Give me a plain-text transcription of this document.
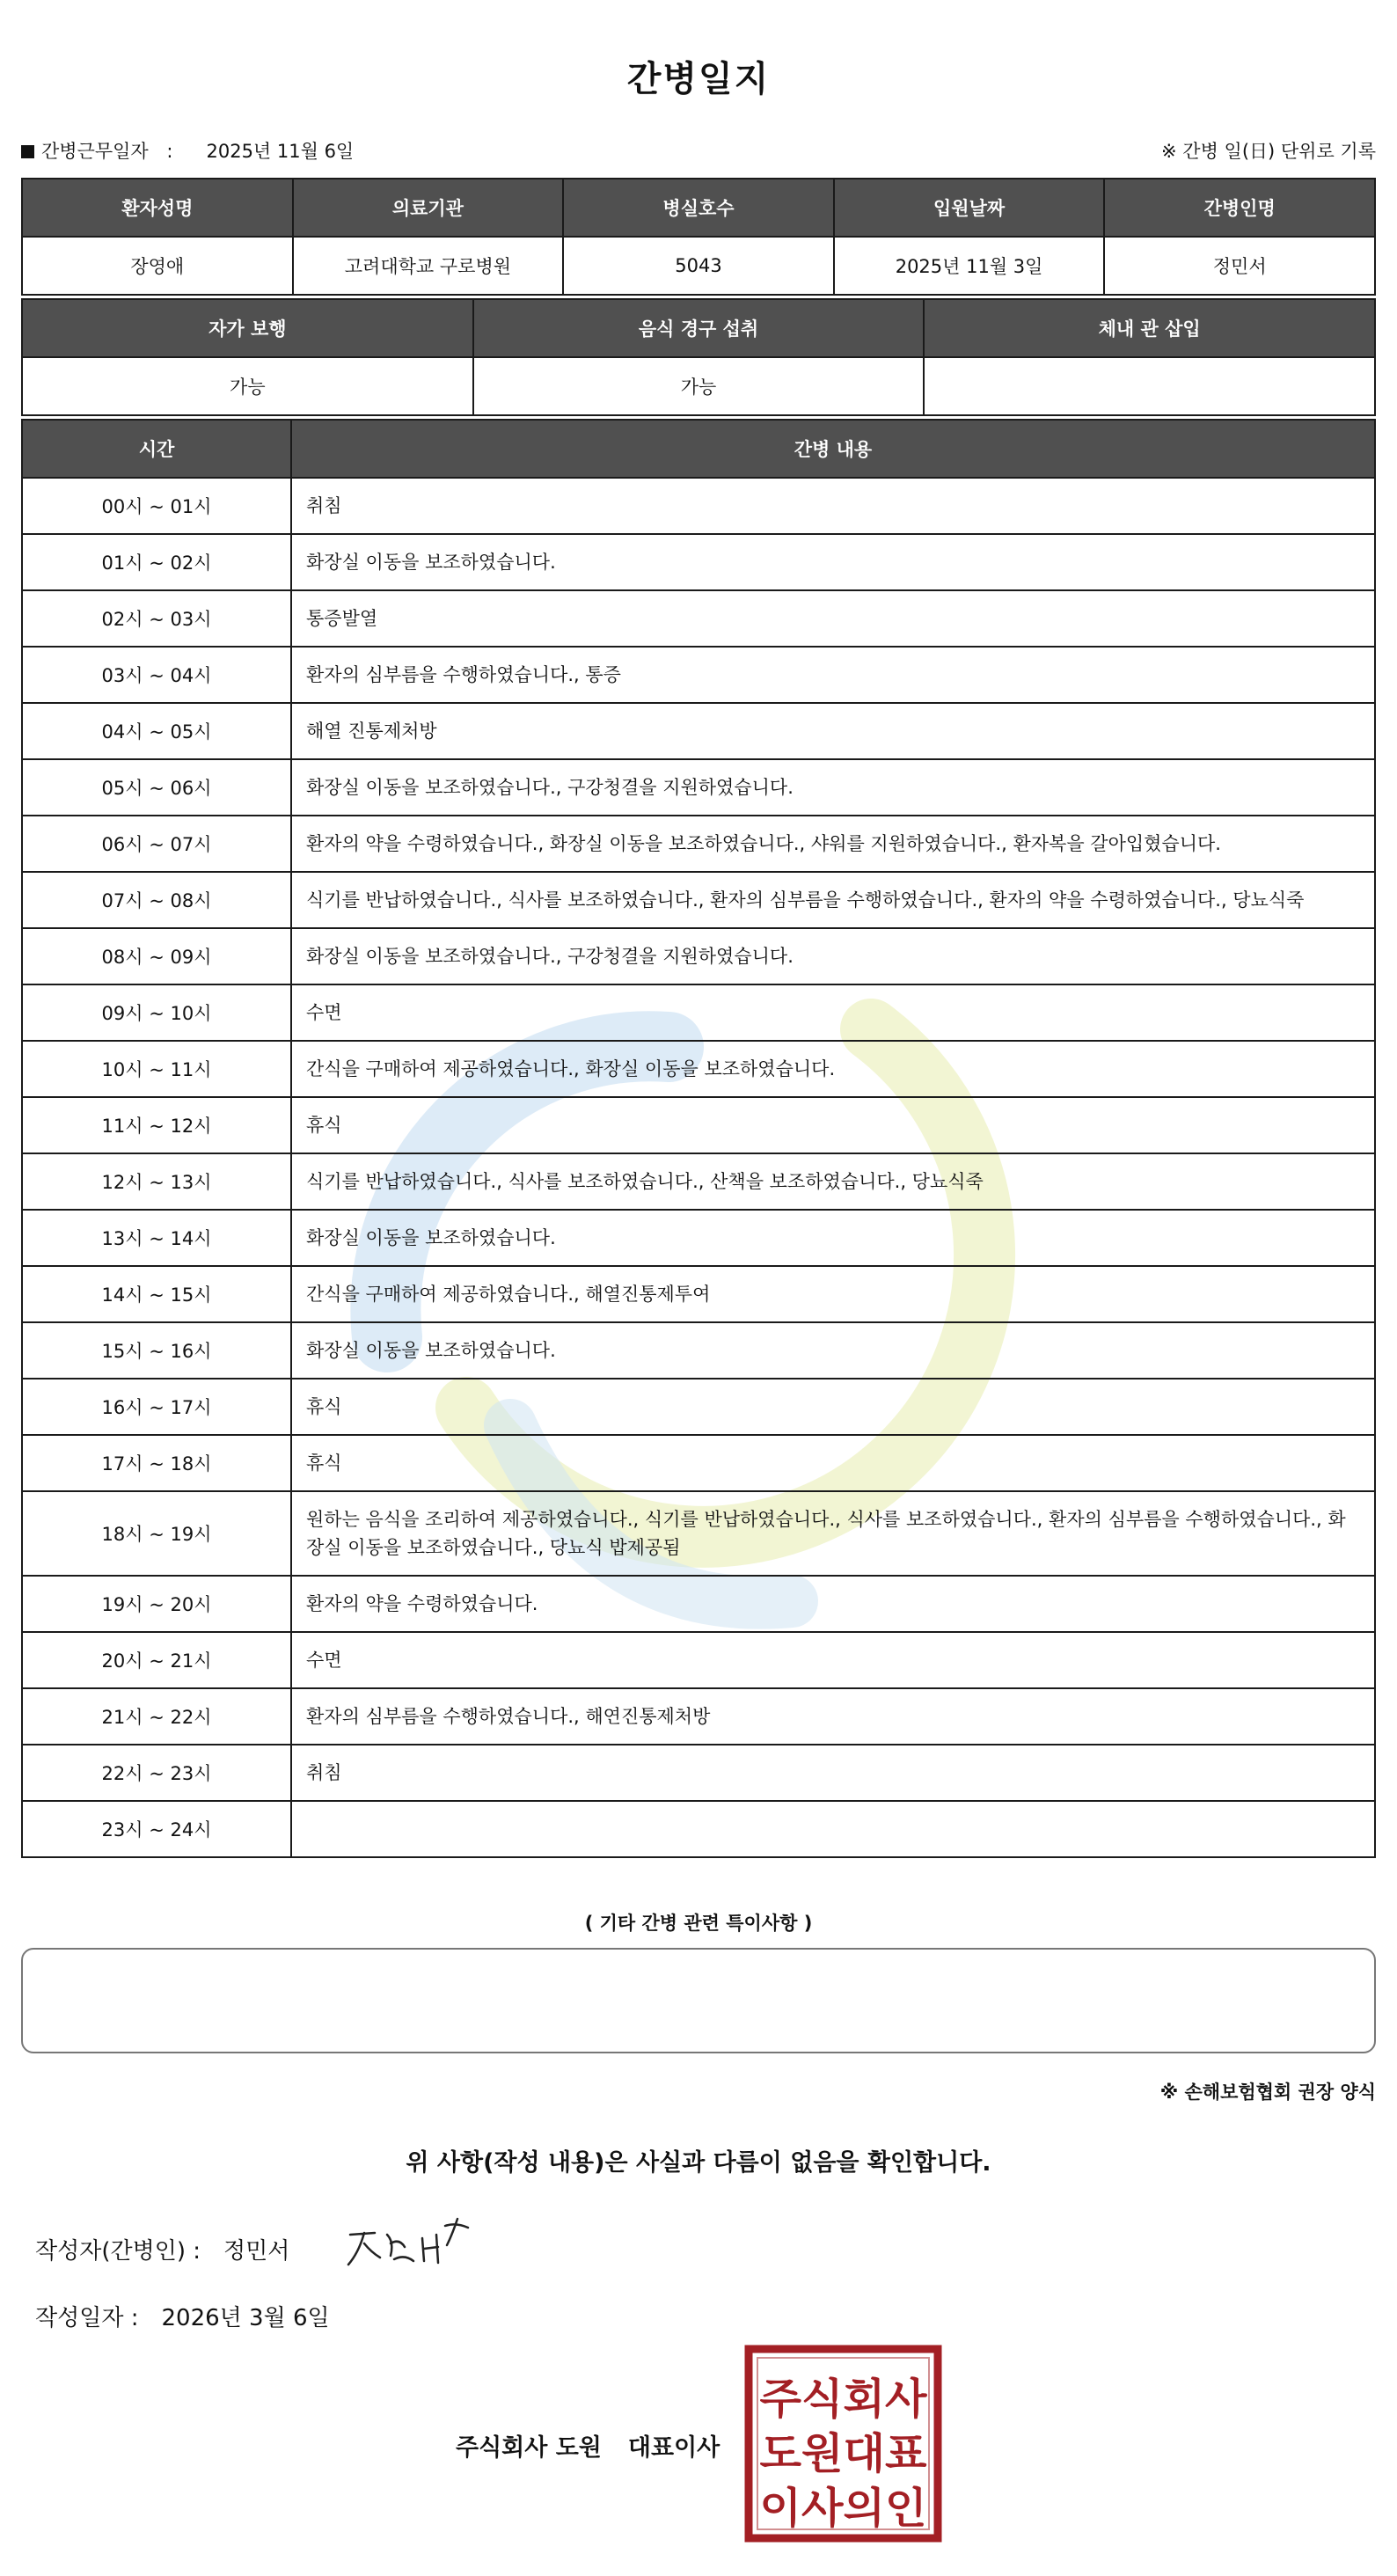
간병일지
간병근무일자 : 2025년 11월 6일	※ 간병 일(日) 단위로 기록
환자성명	의료기관	병실호수	입원날짜	간병인명
장영애	고려대학교 구로병원	5043	2025년 11월 3일	정민서
자가 보행	음식 경구 섭취	체내 관 삽입
가능	가능	
시간	간병 내용
00시 ~ 01시	취침
01시 ~ 02시	화장실 이동을 보조하였습니다.
02시 ~ 03시	통증발열
03시 ~ 04시	환자의 심부름을 수행하였습니다., 통증
04시 ~ 05시	해열 진통제처방
05시 ~ 06시	화장실 이동을 보조하였습니다., 구강청결을 지원하였습니다.
06시 ~ 07시	환자의 약을 수령하였습니다., 화장실 이동을 보조하였습니다., 샤워를 지원하였습니다., 환자복을 갈아입혔습니다.
07시 ~ 08시	식기를 반납하였습니다., 식사를 보조하였습니다., 환자의 심부름을 수행하였습니다., 환자의 약을 수령하였습니다., 당뇨식죽
08시 ~ 09시	화장실 이동을 보조하였습니다., 구강청결을 지원하였습니다.
09시 ~ 10시	수면
10시 ~ 11시	간식을 구매하여 제공하였습니다., 화장실 이동을 보조하였습니다.
11시 ~ 12시	휴식
12시 ~ 13시	식기를 반납하였습니다., 식사를 보조하였습니다., 산책을 보조하였습니다., 당뇨식죽
13시 ~ 14시	화장실 이동을 보조하였습니다.
14시 ~ 15시	간식을 구매하여 제공하였습니다., 해열진통제투여
15시 ~ 16시	화장실 이동을 보조하였습니다.
16시 ~ 17시	휴식
17시 ~ 18시	휴식
18시 ~ 19시	원하는 음식을 조리하여 제공하였습니다., 식기를 반납하였습니다., 식사를 보조하였습니다., 환자의 심부름을 수행하였습니다., 화장실 이동을 보조하였습니다., 당뇨식 밥제공됨
19시 ~ 20시	환자의 약을 수령하였습니다.
20시 ~ 21시	수면
21시 ~ 22시	환자의 심부름을 수행하였습니다., 해연진통제처방
22시 ~ 23시	취침
23시 ~ 24시	
( 기타 간병 관련 특이사항 )
※ 손해보험협회 권장 양식
위 사항(작성 내용)은 사실과 다름이 없음을 확인합니다.
작성자(간병인) : 정민서
작성일자 : 2026년 3월 6일
주식회사 도원 대표이사
주식회사
도원대표
이사의인
